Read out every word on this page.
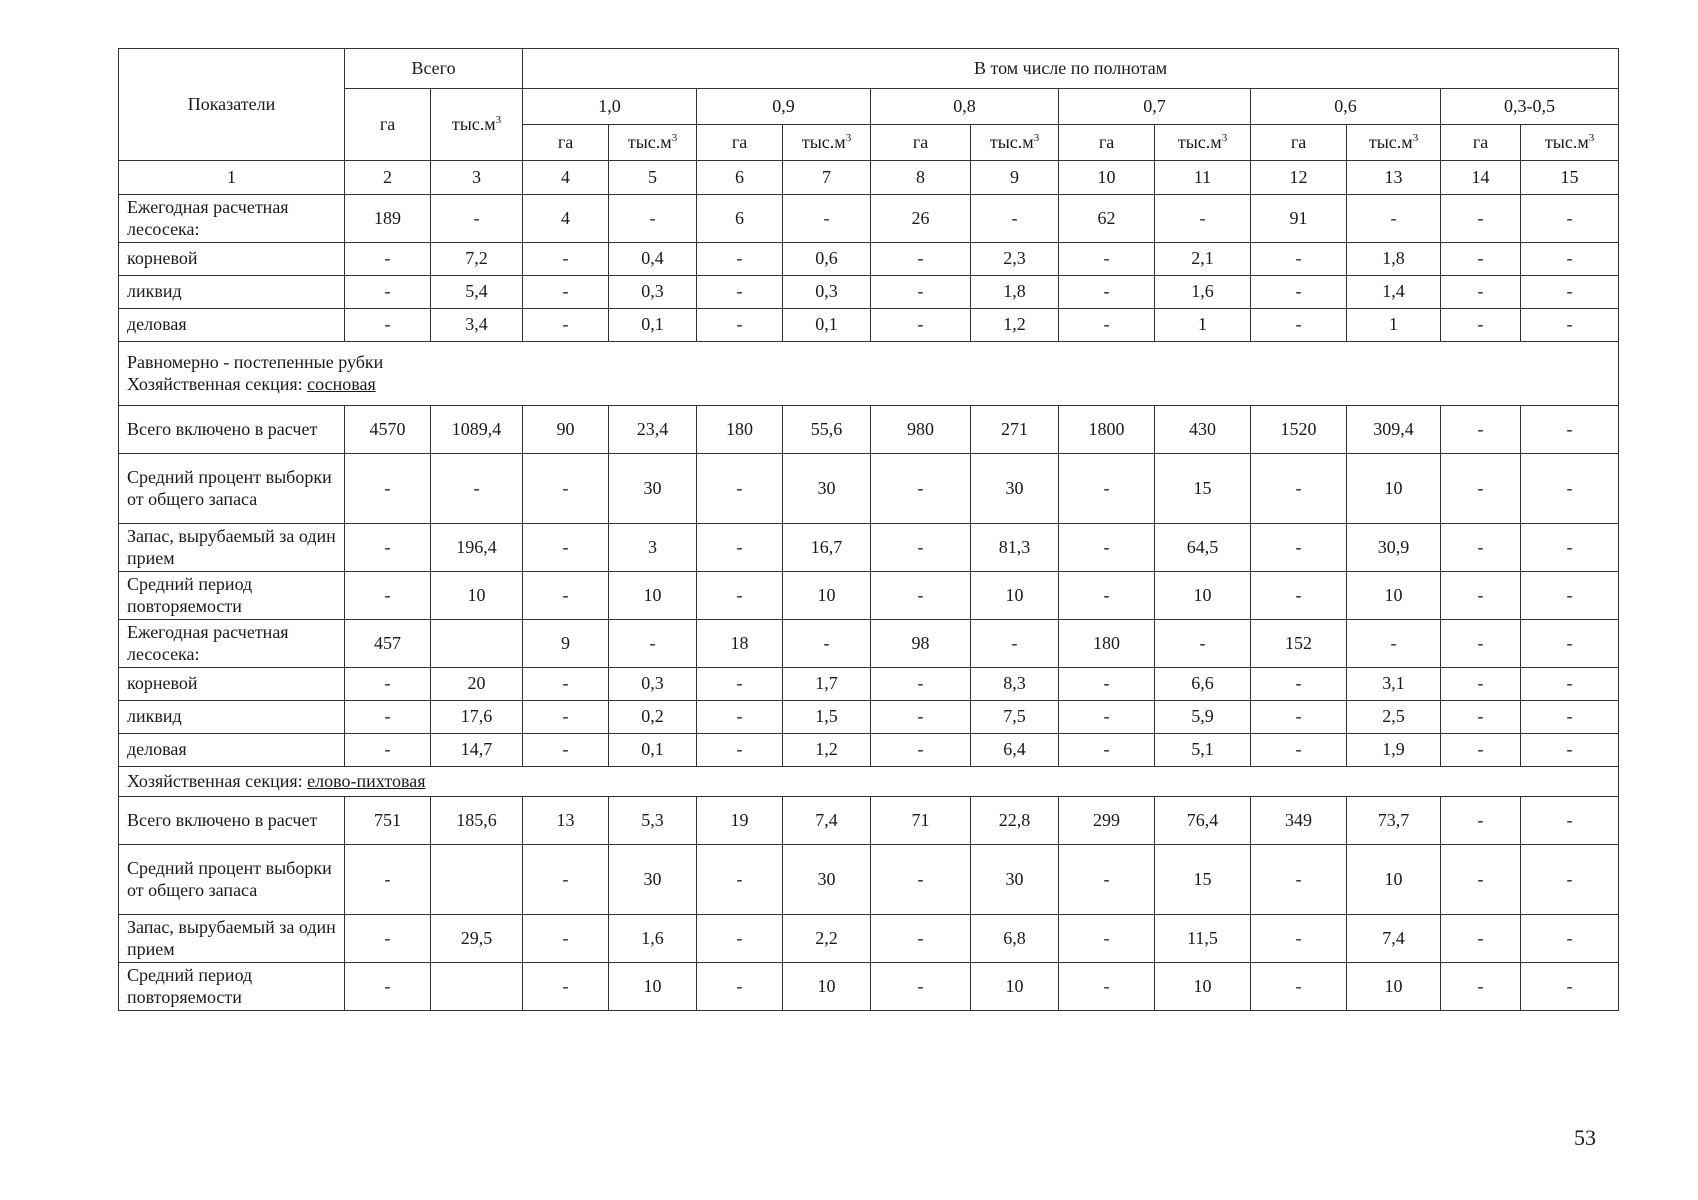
Показатели	Всего		В том числе по полнотам											
	га	$тыс.м^3$	1,0		0,9		0,8		0,7		0,6		0,3-0,5	
			га	$тыс.м^3$	га	$тыс.м^3$	га	$тыс.м^3$	га	$тыс.м^3$	га	$тыс.м^3$	га	$тыс.м^3$
1	2	3	4	5	6	7	8	9	10	11	12	13	14	15
Ежегодная расчетная лесосека:	189	-	4	-	6	-	26	-	62	-	91	-	-	-
корневой	-	7,2	-	0,4	-	0,6	-	2,3	-	2,1	-	1,8	-	-
ликвид	-	5,4	-	0,3	-	0,3	-	1,8	-	1,6	-	1,4	-	-
деловая	-	3,4	-	0,1	-	0,1	-	1,2	-	1	-	1	-	-
Равномерно - постепенные рубки
Хозяйственная секция: сосновая														
Всего включено в расчет	4570	1089,4	90	23,4	180	55,6	980	271	1800	430	1520	309,4	-	-
Средний процент выборки от общего запаса	-	-	-	30	-	30	-	30	-	15	-	10	-	-
Запас, вырубаемый за один прием	-	196,4	-	3	-	16,7	-	81,3	-	64,5	-	30,9	-	-
Средний период повторяемости	-	10	-	10	-	10	-	10	-	10	-	10	-	-
Ежегодная расчетная лесосека:	457		9	-	18	-	98	-	180	-	152	-	-	-
корневой	-	20	-	0,3	-	1,7	-	8,3	-	6,6	-	3,1	-	-
ликвид	-	17,6	-	0,2	-	1,5	-	7,5	-	5,9	-	2,5	-	-
деловая	-	14,7	-	0,1	-	1,2	-	6,4	-	5,1	-	1,9	-	-
Хозяйственная секция: елово-пихтовая														
Всего включено в расчет	751	185,6	13	5,3	19	7,4	71	22,8	299	76,4	349	73,7	-	-
Средний процент выборки от общего запаса	-		-	30	-	30	-	30	-	15	-	10	-	-
Запас, вырубаемый за один прием	-	29,5	-	1,6	-	2,2	-	6,8	-	11,5	-	7,4	-	-
Средний период повторяемости	-		-	10	-	10	-	10	-	10	-	10	-	-
53
